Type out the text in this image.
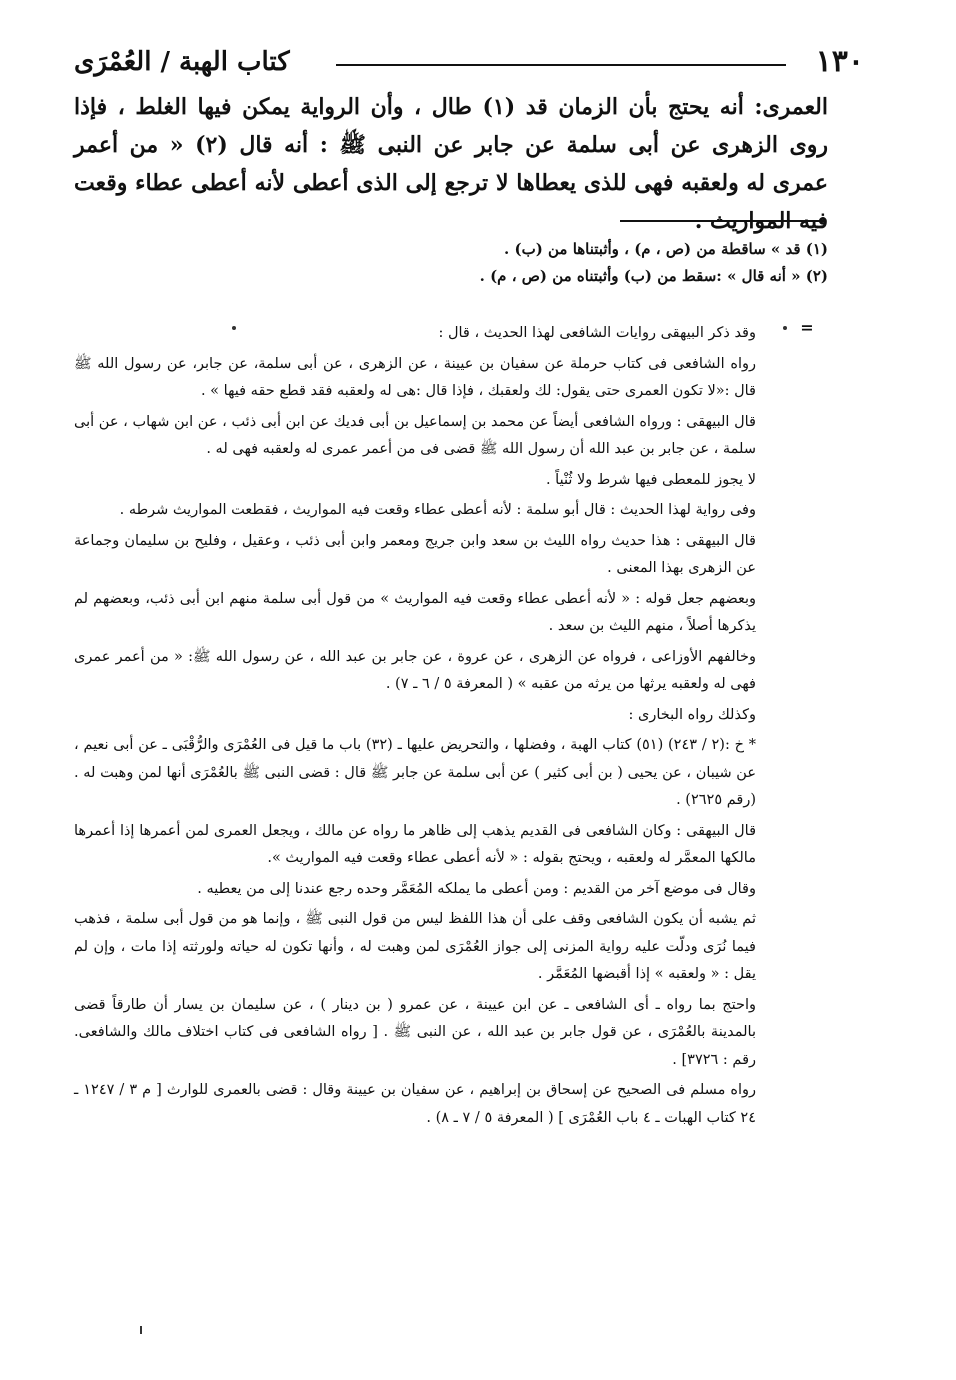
١٣٠
كتاب الهبة / العُمْرَى

العمرى: أنه يحتج بأن الزمان قد (١) طال ، وأن الرواية يمكن فيها الغلط ، فإذا روى الزهرى عن أبى سلمة عن جابر عن النبى ﷺ : أنه قال (٢) « من أعمر عمرى له ولعقبه فهى للذى يعطاها لا ترجع إلى الذى أعطى لأنه أعطى عطاء وقعت فيه المواريث .

(١) قد » ساقطة من (ص ، م) ، وأثبتناها من (ب) .

(٢) « أنه قال » :سقط من (ب) وأثبتناه من (ص ، م) .

=

وقد ذكر البيهقى روايات الشافعى لهذا الحديث ، قال :

رواه الشافعى فى كتاب حرملة عن سفيان بن عيينة ، عن الزهرى ، عن أبى سلمة، عن جابر، عن رسول الله ﷺ قال :«لا تكون العمرى حتى يقول: لك ولعقبك ، فإذا قال :هى له ولعقبه فقد قطع حقه فيها » .

قال البيهقى : ورواه الشافعى أيضاً عن محمد بن إسماعيل بن أبى فديك عن ابن أبى ذئب ، عن ابن شهاب ، عن أبى سلمة ، عن جابر بن عبد الله أن رسول الله ﷺ قضى فى من أعمر عمرى له ولعقبه فهى له .

لا يجوز للمعطى فيها شرط ولا ثُنْياً .

وفى رواية لهذا الحديث : قال أبو سلمة : لأنه أعطى عطاء وقعت فيه المواريث ، فقطعت المواريث شرطه .

قال البيهقى : هذا حديث رواه الليث بن سعد وابن جريج ومعمر وابن أبى ذئب ، وعقيل ، وفليح بن سليمان وجماعة عن الزهرى بهذا المعنى .

وبعضهم جعل قوله : « لأنه أعطى عطاء وقعت فيه المواريث » من قول أبى سلمة منهم ابن أبى ذئب، وبعضهم لم يذكرها أصلاً ، منهم الليث بن سعد .

وخالفهم الأوزاعى ، فرواه عن الزهرى ، عن عروة ، عن جابر بن عبد الله ، عن رسول الله ﷺ: « من أعمر عمرى فهى له ولعقبه يرثها من يرثه من عقبه » ( المعرفة ٥ / ٦ ـ ٧) .

وكذلك رواه البخارى :

* خ :(٢ / ٢٤٣) (٥١) كتاب الهبة ، وفضلها ، والتحريض عليها ـ (٣٢) باب ما قيل فى العُمْرَى والرُّقْبَى ـ عن أبى نعيم ، عن شيبان ، عن يحيى ( بن أبى كثير ) عن أبى سلمة عن جابر ﷺ قال : قضى النبى ﷺ بالعُمْرَى أنها لمن وهبت له . (رقم ٢٦٢٥) .

قال البيهقى : وكان الشافعى فى القديم يذهب إلى ظاهر ما رواه عن مالك ، ويجعل العمرى لمن أعمرها إذا أعمرها مالكها المعمَّر له ولعقبه ، ويحتج بقوله : « لأنه أعطى عطاء وقعت فيه المواريث ».

وقال فى موضع آخر من القديم : ومن أعطى ما يملكه المُعَمَّر وحده رجع عندنا إلى من يعطيه .

ثم يشبه أن يكون الشافعى وقف على أن هذا اللفظ ليس من قول النبى ﷺ ، وإنما هو من قول أبى سلمة ، فذهب فيما نُرَى ودلّت عليه رواية المزنى إلى جواز العُمْرَى لمن وهبت له ، وأنها تكون له حياته ولورثته إذا مات ، وإن لم يقل : « ولعقبه » إذا أقبضها المُعَمَّر .

واحتج بما رواه ـ أى الشافعى ـ عن ابن عيينة ، عن عمرو ( بن دينار ) ، عن سليمان بن يسار أن طارقاً قضى بالمدينة بالعُمْرَى ، عن قول جابر بن عبد الله ، عن النبى ﷺ . [ رواه الشافعى فى كتاب اختلاف مالك والشافعى. رقم : ٣٧٢٦] .

رواه مسلم فى الصحيح عن إسحاق بن إبراهيم ، عن سفيان بن عيينة وقال : قضى بالعمرى للوارث [ م ٣ / ١٢٤٧ ـ ٢٤ كتاب الهبات ـ ٤ باب العُمْرَى ] ( المعرفة ٥ / ٧ ـ ٨) .
